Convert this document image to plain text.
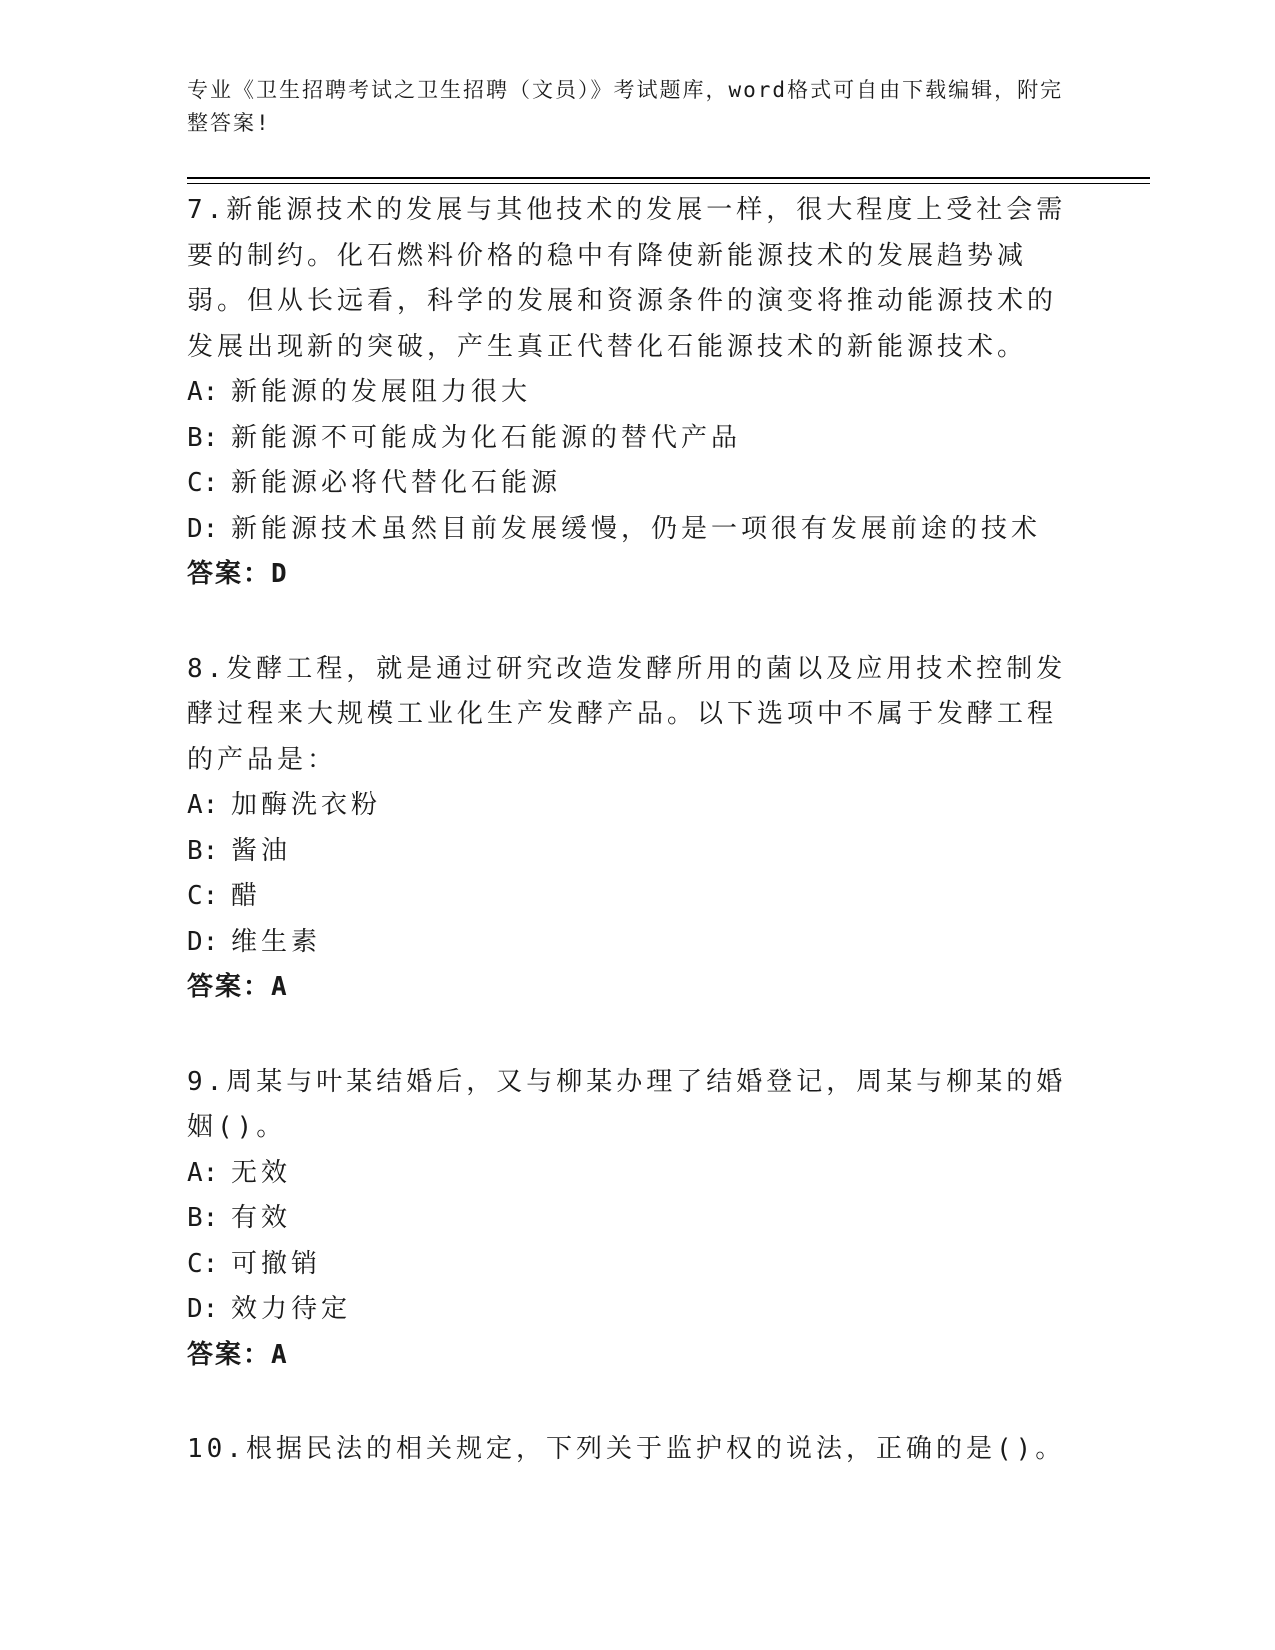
专业《卫生招聘考试之卫生招聘（文员）》考试题库，word格式可自由下载编辑，附完整答案!

7.新能源技术的发展与其他技术的发展一样，很大程度上受社会需要的制约。化石燃料价格的稳中有降使新能源技术的发展趋势减弱。但从长远看，科学的发展和资源条件的演变将推动能源技术的发展出现新的突破，产生真正代替化石能源技术的新能源技术。

A: 新能源的发展阻力很大

B: 新能源不可能成为化石能源的替代产品

C: 新能源必将代替化石能源

D: 新能源技术虽然目前发展缓慢，仍是一项很有发展前途的技术

答案：D

8.发酵工程，就是通过研究改造发酵所用的菌以及应用技术控制发酵过程来大规模工业化生产发酵产品。以下选项中不属于发酵工程的产品是：

A: 加酶洗衣粉

B: 酱油

C: 醋

D: 维生素

答案：A

9.周某与叶某结婚后，又与柳某办理了结婚登记，周某与柳某的婚姻()。

A: 无效

B: 有效

C: 可撤销

D: 效力待定

答案：A

10.根据民法的相关规定，下列关于监护权的说法，正确的是()。
